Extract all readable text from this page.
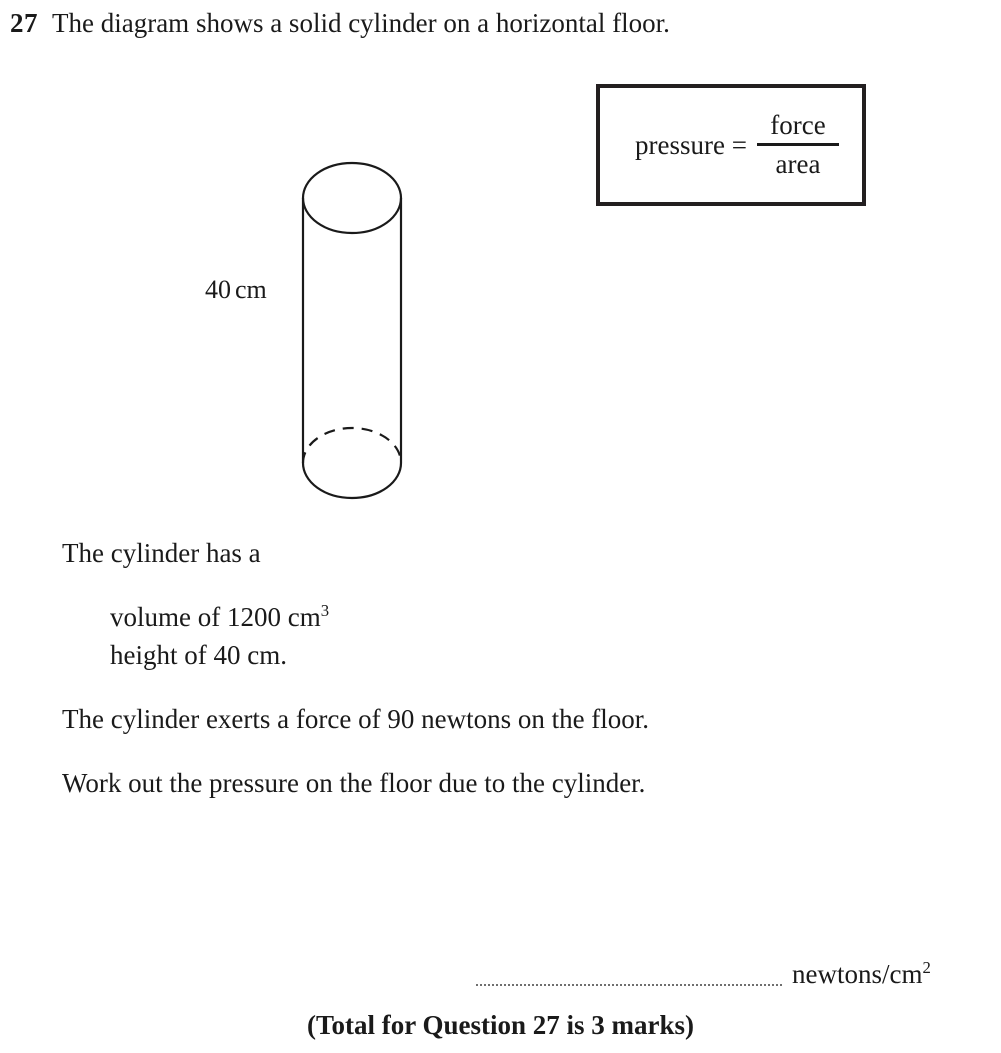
27 The diagram shows a solid cylinder on a horizontal floor.
40 cm
pressure =
force
area
The cylinder has a
volume of 1200 $cm^3$
height of 40 cm.
The cylinder exerts a force of 90 newtons on the floor.
Work out the pressure on the floor due to the cylinder.
newtons/$cm^2$
(Total for Question 27 is 3 marks)
